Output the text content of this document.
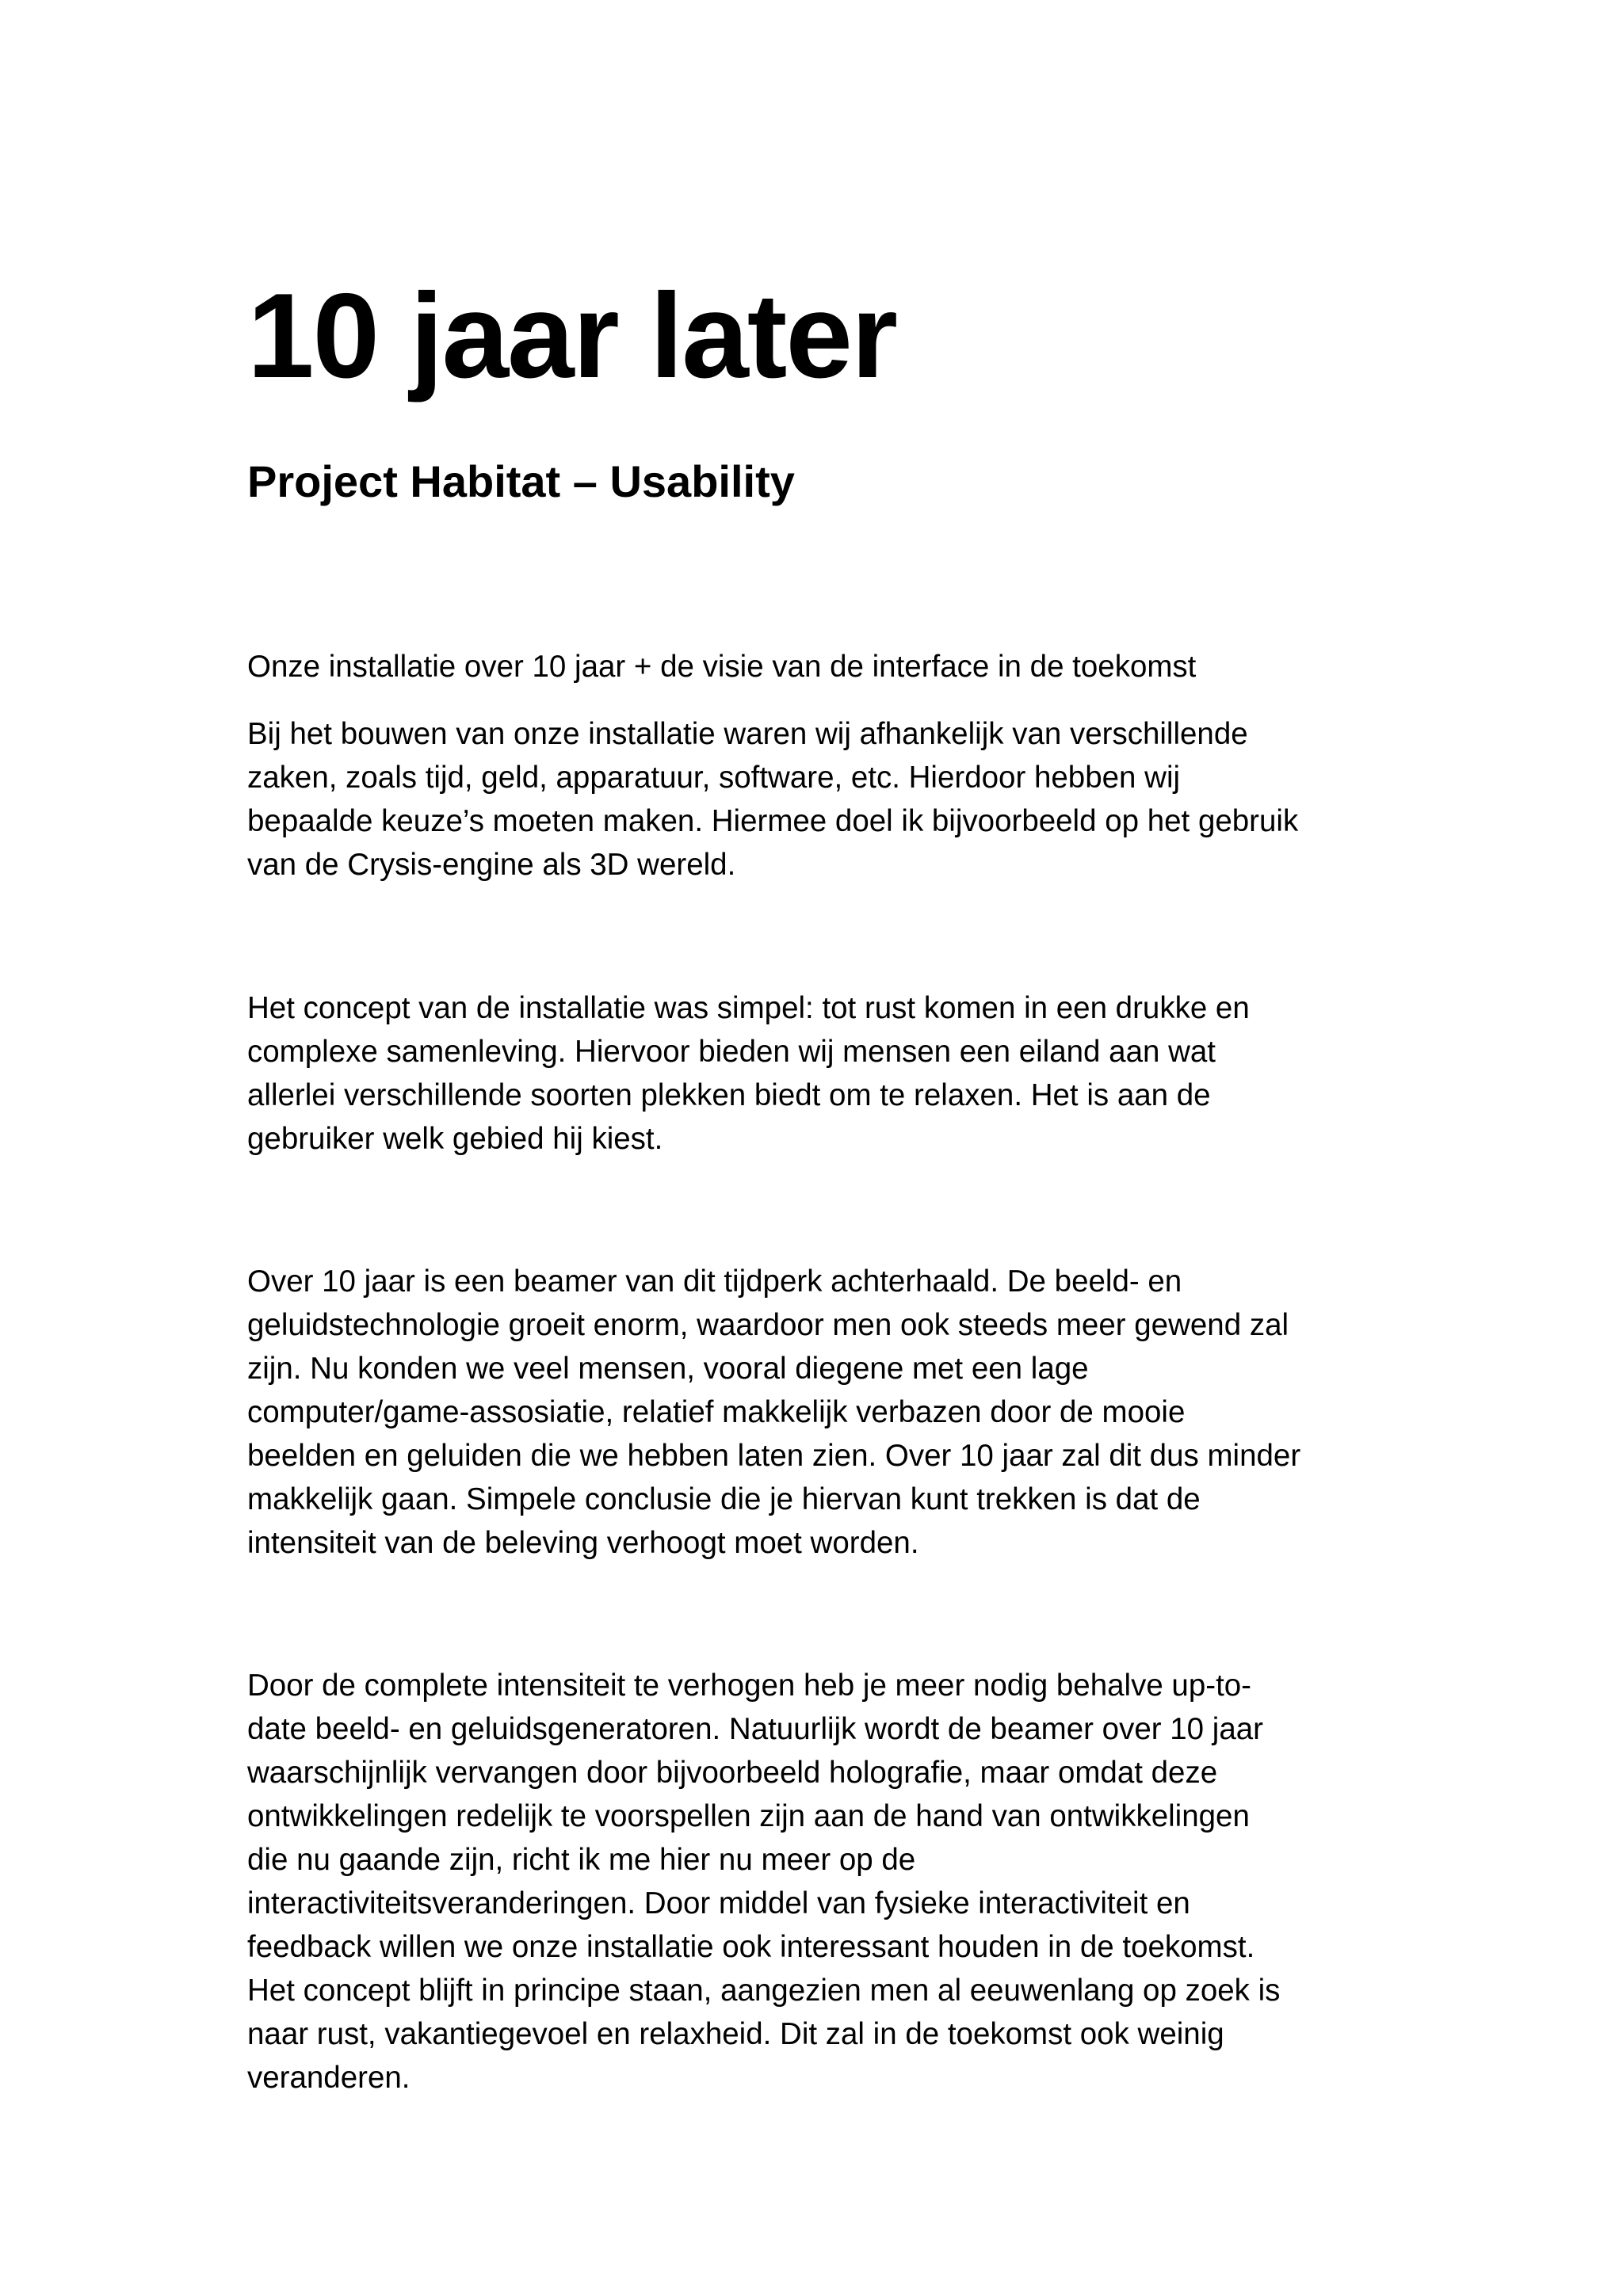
10 jaar later
Project Habitat – Usability

Onze installatie over 10 jaar + de visie van de interface in de toekomst

Bij het bouwen van onze installatie waren wij afhankelijk van verschillende
zaken, zoals tijd, geld, apparatuur, software, etc. Hierdoor hebben wij
bepaalde keuze’s moeten maken. Hiermee doel ik bijvoorbeeld op het gebruik
van de Crysis-engine als 3D wereld.

Het concept van de installatie was simpel: tot rust komen in een drukke en
complexe samenleving. Hiervoor bieden wij mensen een eiland aan wat
allerlei verschillende soorten plekken biedt om te relaxen. Het is aan de
gebruiker welk gebied hij kiest.

Over 10 jaar is een beamer van dit tijdperk achterhaald. De beeld- en
geluidstechnologie groeit enorm, waardoor men ook steeds meer gewend zal
zijn. Nu konden we veel mensen, vooral diegene met een lage
computer/game-assosiatie, relatief makkelijk verbazen door de mooie
beelden en geluiden die we hebben laten zien. Over 10 jaar zal dit dus minder
makkelijk gaan. Simpele conclusie die je hiervan kunt trekken is dat de
intensiteit van de beleving verhoogt moet worden.

Door de complete intensiteit te verhogen heb je meer nodig behalve up-to-
date beeld- en geluidsgeneratoren. Natuurlijk wordt de beamer over 10 jaar
waarschijnlijk vervangen door bijvoorbeeld holografie, maar omdat deze
ontwikkelingen redelijk te voorspellen zijn aan de hand van ontwikkelingen
die nu gaande zijn, richt ik me hier nu meer op de
interactiviteitsveranderingen. Door middel van fysieke interactiviteit en
feedback willen we onze installatie ook interessant houden in de toekomst.
Het concept blijft in principe staan, aangezien men al eeuwenlang op zoek is
naar rust, vakantiegevoel en relaxheid. Dit zal in de toekomst ook weinig
veranderen.
